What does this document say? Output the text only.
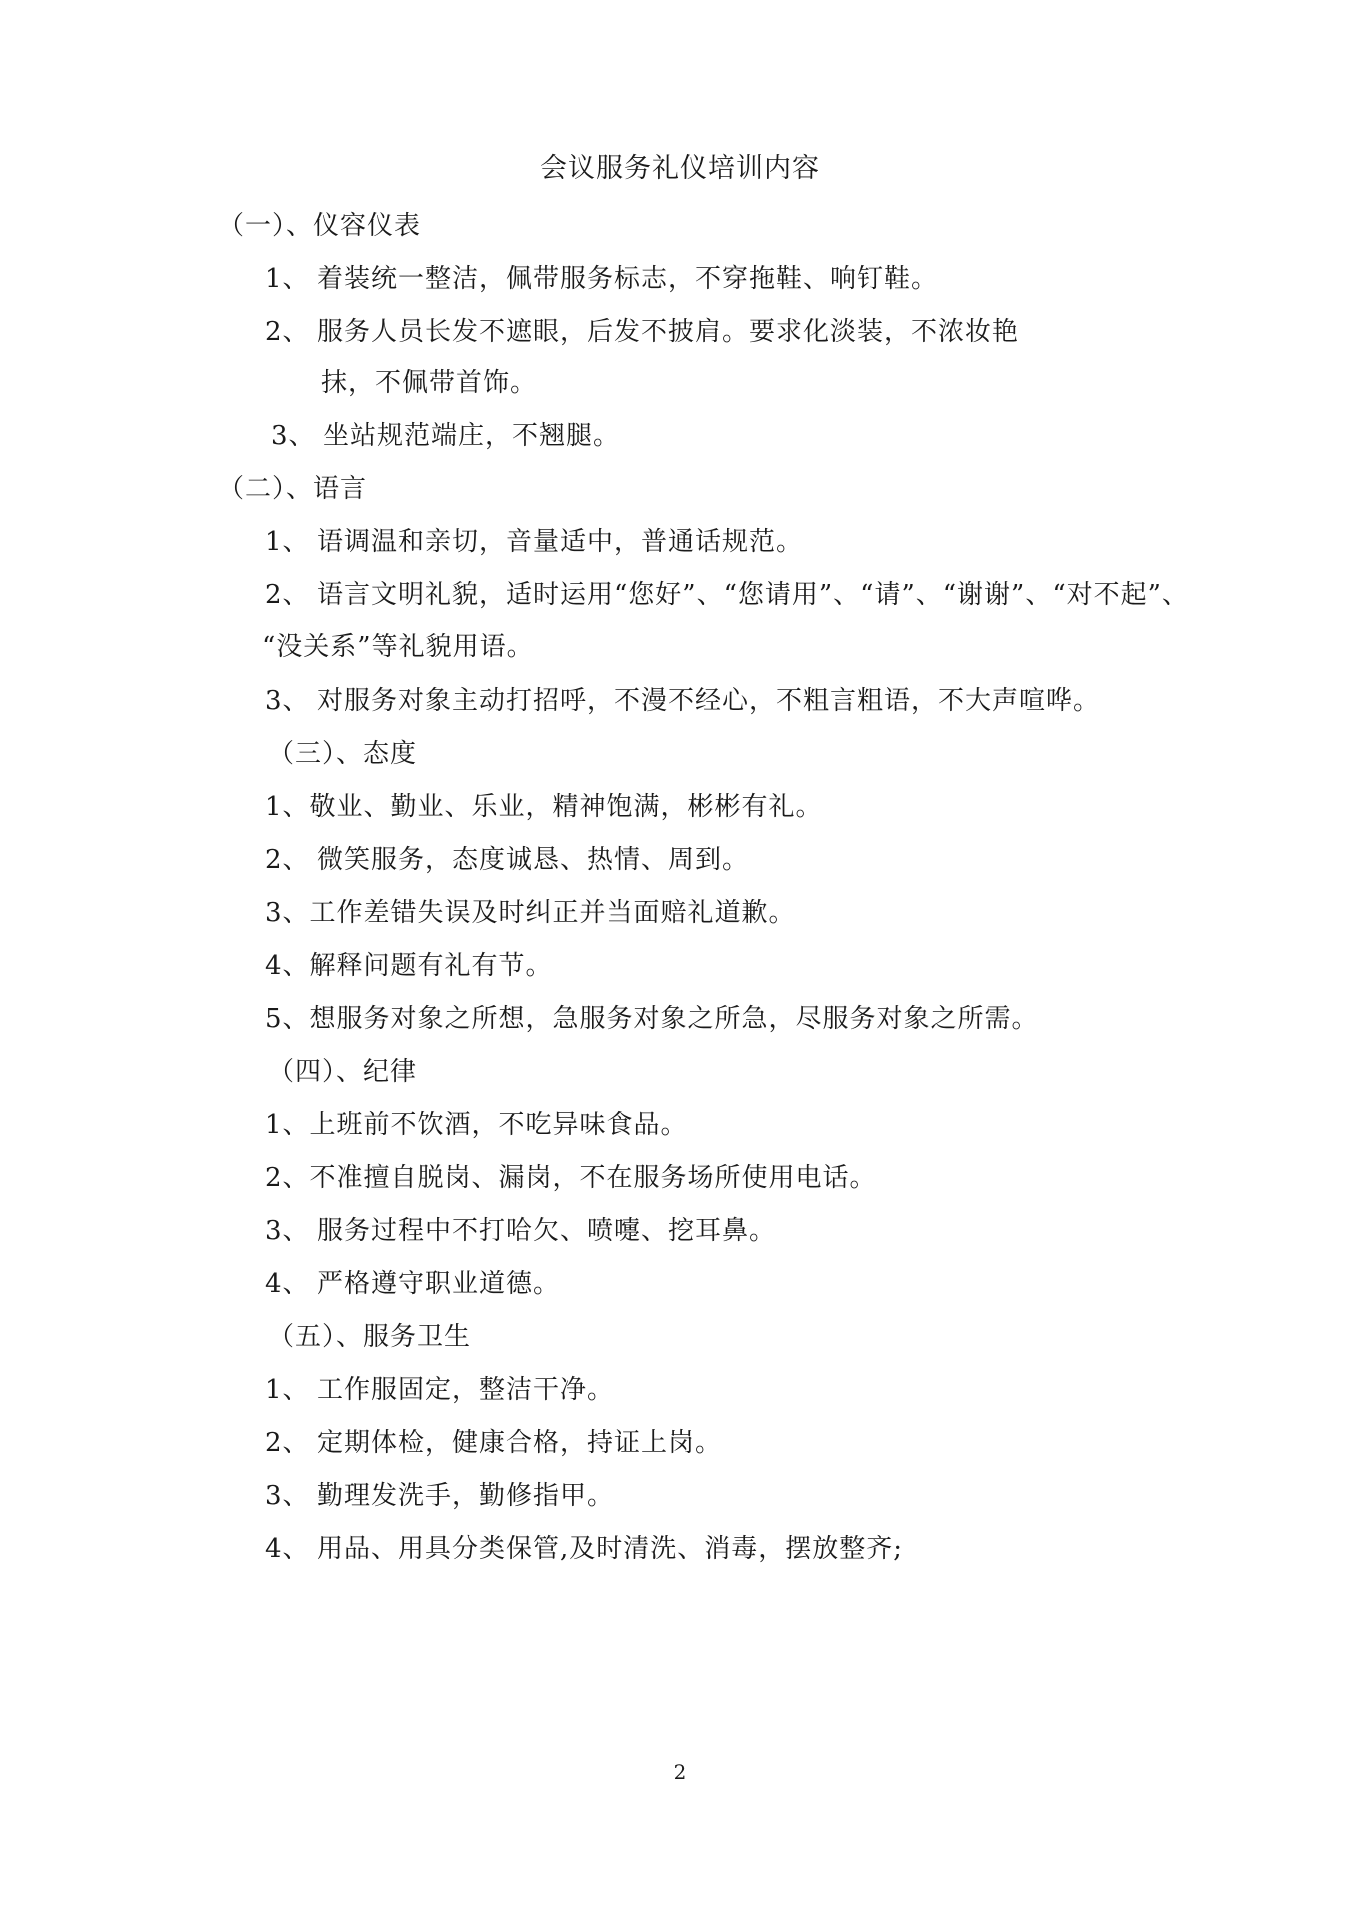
会议服务礼仪培训内容
（一）、仪容仪表
1、 着装统一整洁，佩带服务标志，不穿拖鞋、响钉鞋。
2、 服务人员长发不遮眼，后发不披肩。要求化淡装，不浓妆艳
抹，不佩带首饰。
3、 坐站规范端庄，不翘腿。
（二）、语言
1、 语调温和亲切，音量适中，普通话规范。
2、 语言文明礼貌，适时运用“您好”、“您请用”、“请”、“谢谢”、“对不起”、
“没关系”等礼貌用语。
3、 对服务对象主动打招呼，不漫不经心，不粗言粗语，不大声喧哗。
（三）、态度
1、敬业、勤业、乐业，精神饱满，彬彬有礼。
2、 微笑服务，态度诚恳、热情、周到。
3、工作差错失误及时纠正并当面赔礼道歉。
4、解释问题有礼有节。
5、想服务对象之所想，急服务对象之所急，尽服务对象之所需。
（四）、纪律
1、上班前不饮酒，不吃异味食品。
2、不准擅自脱岗、漏岗，不在服务场所使用电话。
3、 服务过程中不打哈欠、喷嚏、挖耳鼻。
4、 严格遵守职业道德。
（五）、服务卫生
1、 工作服固定，整洁干净。
2、 定期体检，健康合格，持证上岗。
3、 勤理发洗手，勤修指甲。
4、 用品、用具分类保管,及时清洗、消毒，摆放整齐;
2
